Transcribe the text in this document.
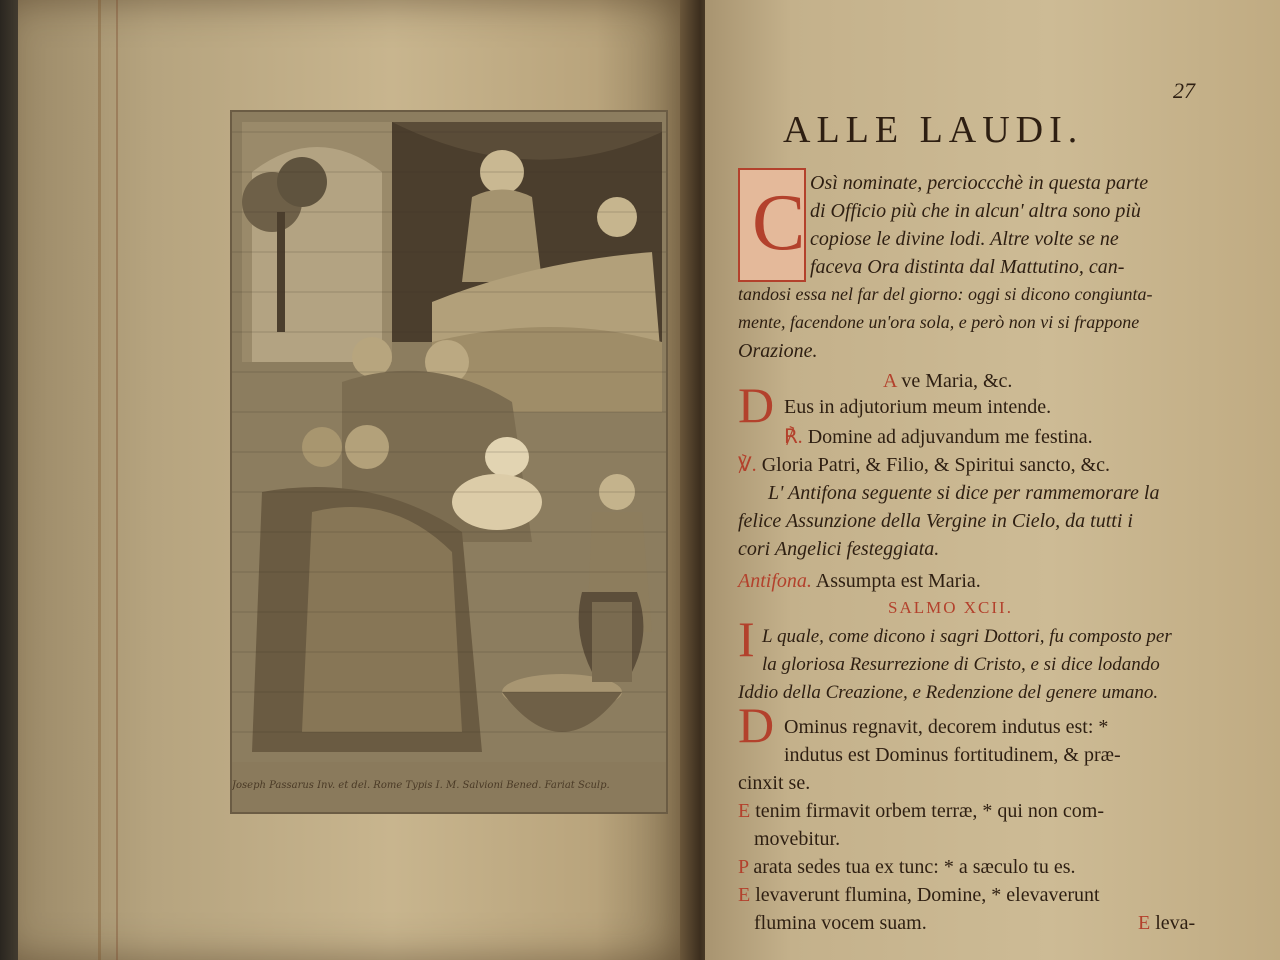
Joseph Passarus Inv. et del. Rome Typis I. M. Salvioni Bened. Fariat Sculp.
27
ALLE LAUDI.
C Osì nominate, percioccchè in questa parte
di Officio più che in alcun' altra sono più
copiose le divine lodi. Altre volte se ne
faceva Ora distinta dal Mattutino, can-
tandosi essa nel far del giorno: oggi si dicono congiunta-
mente, facendone un'ora sola, e però non vi si frappone
Orazione.
A ve Maria, &c.
D Eus in adjutorium meum intende.
℟. Domine ad adjuvandum me festina.
℣. Gloria Patri, & Filio, & Spiritui sancto, &c.
L' Antifona seguente si dice per rammemorare la
felice Assunzione della Vergine in Cielo, da tutti i
cori Angelici festeggiata.
Antifona. Assumpta est Maria.
SALMO XCII.
I L quale, come dicono i sagri Dottori, fu composto per
la gloriosa Resurrezione di Cristo, e si dice lodando
Iddio della Creazione, e Redenzione del genere umano.
D Ominus regnavit, decorem indutus est: *
indutus est Dominus fortitudinem, & præ-
cinxit se.
E tenim firmavit orbem terræ, * qui non com-
movebitur.
P arata sedes tua ex tunc: * a sæculo tu es.
E levaverunt flumina, Domine, * elevaverunt
flumina vocem suam.	E leva-
